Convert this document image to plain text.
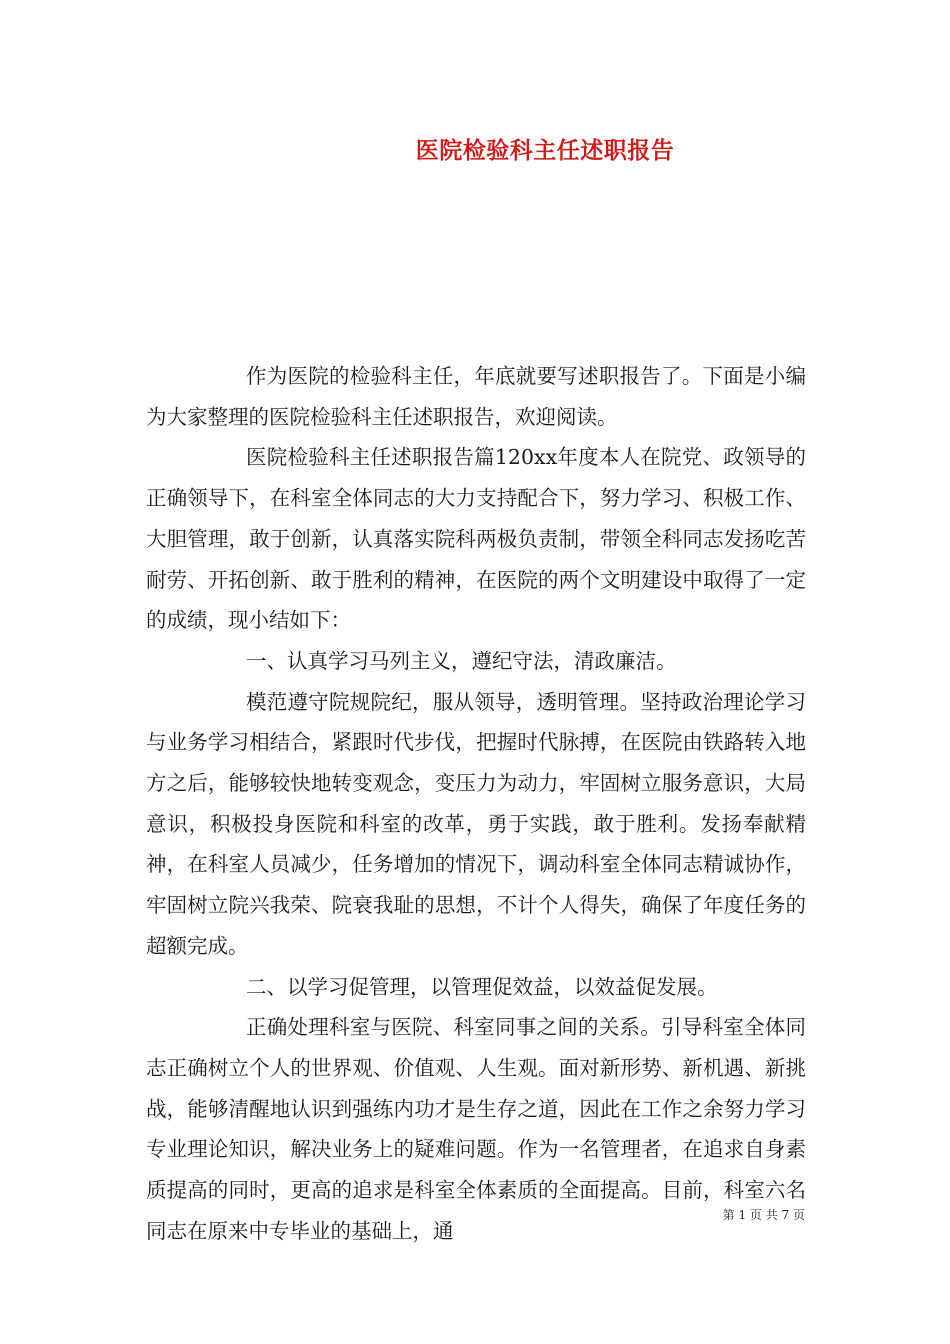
医院检验科主任述职报告

作为医院的检验科主任，年底就要写述职报告了。下面是小编为大家整理的医院检验科主任述职报告，欢迎阅读。

医院检验科主任述职报告篇120xx年度本人在院党、政领导的正确领导下，在科室全体同志的大力支持配合下，努力学习、积极工作、大胆管理，敢于创新，认真落实院科两极负责制，带领全科同志发扬吃苦耐劳、开拓创新、敢于胜利的精神，在医院的两个文明建设中取得了一定的成绩，现小结如下：

一、认真学习马列主义，遵纪守法，清政廉洁。

模范遵守院规院纪，服从领导，透明管理。坚持政治理论学习与业务学习相结合，紧跟时代步伐，把握时代脉搏，在医院由铁路转入地方之后，能够较快地转变观念，变压力为动力，牢固树立服务意识，大局意识，积极投身医院和科室的改革，勇于实践，敢于胜利。发扬奉献精神，在科室人员减少，任务增加的情况下，调动科室全体同志精诚协作，牢固树立院兴我荣、院衰我耻的思想，不计个人得失，确保了年度任务的超额完成。

二、以学习促管理，以管理促效益，以效益促发展。

正确处理科室与医院、科室同事之间的关系。引导科室全体同志正确树立个人的世界观、价值观、人生观。面对新形势、新机遇、新挑战，能够清醒地认识到强练内功才是生存之道，因此在工作之余努力学习专业理论知识，解决业务上的疑难问题。作为一名管理者，在追求自身素质提高的同时，更高的追求是科室全体素质的全面提高。目前，科室六名同志在原来中专毕业的基础上，通

第 1 页 共 7 页
